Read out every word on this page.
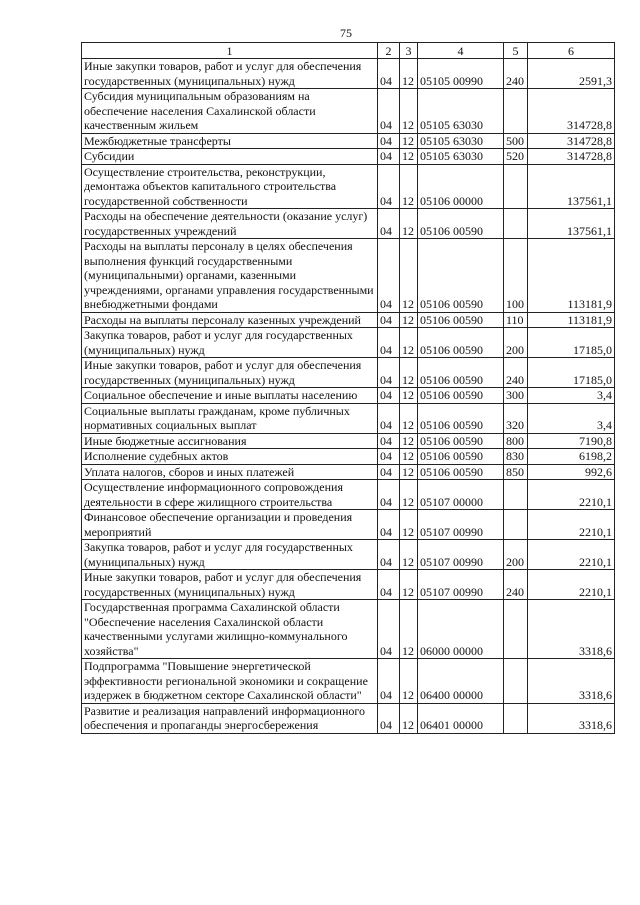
75
1	2	3	4	5	6
Иные закупки товаров, работ и услуг для обеспечения государственных (муниципальных) нужд	04	12	05105 00990	240	2591,3
Субсидия муниципальным образованиям на обеспечение населения Сахалинской области качественным жильем	04	12	05105 63030		314728,8
Межбюджетные трансферты	04	12	05105 63030	500	314728,8
Субсидии	04	12	05105 63030	520	314728,8
Осуществление строительства, реконструкции, демонтажа объектов капитального строительства государственной собственности	04	12	05106 00000		137561,1
Расходы на обеспечение деятельности (оказание услуг) государственных учреждений	04	12	05106 00590		137561,1
Расходы на выплаты персоналу в целях обеспечения выполнения функций государственными (муниципальными) органами, казенными учреждениями, органами управления государственными внебюджетными фондами	04	12	05106 00590	100	113181,9
Расходы на выплаты персоналу казенных учреждений	04	12	05106 00590	110	113181,9
Закупка товаров, работ и услуг для государственных (муниципальных) нужд	04	12	05106 00590	200	17185,0
Иные закупки товаров, работ и услуг для обеспечения государственных (муниципальных) нужд	04	12	05106 00590	240	17185,0
Социальное обеспечение и иные выплаты населению	04	12	05106 00590	300	3,4
Социальные выплаты гражданам, кроме публичных нормативных социальных выплат	04	12	05106 00590	320	3,4
Иные бюджетные ассигнования	04	12	05106 00590	800	7190,8
Исполнение судебных актов	04	12	05106 00590	830	6198,2
Уплата налогов, сборов и иных платежей	04	12	05106 00590	850	992,6
Осуществление информационного сопровождения деятельности в сфере жилищного строительства	04	12	05107 00000		2210,1
Финансовое обеспечение организации и проведения мероприятий	04	12	05107 00990		2210,1
Закупка товаров, работ и услуг для государственных (муниципальных) нужд	04	12	05107 00990	200	2210,1
Иные закупки товаров, работ и услуг для обеспечения государственных (муниципальных) нужд	04	12	05107 00990	240	2210,1
Государственная программа Сахалинской области "Обеспечение населения Сахалинской области качественными услугами жилищно-коммунального хозяйства"	04	12	06000 00000		3318,6
Подпрограмма "Повышение энергетической эффективности региональной экономики и сокращение издержек в бюджетном секторе Сахалинской области"	04	12	06400 00000		3318,6
Развитие и реализация направлений информационного обеспечения и пропаганды энергосбережения	04	12	06401 00000		3318,6
